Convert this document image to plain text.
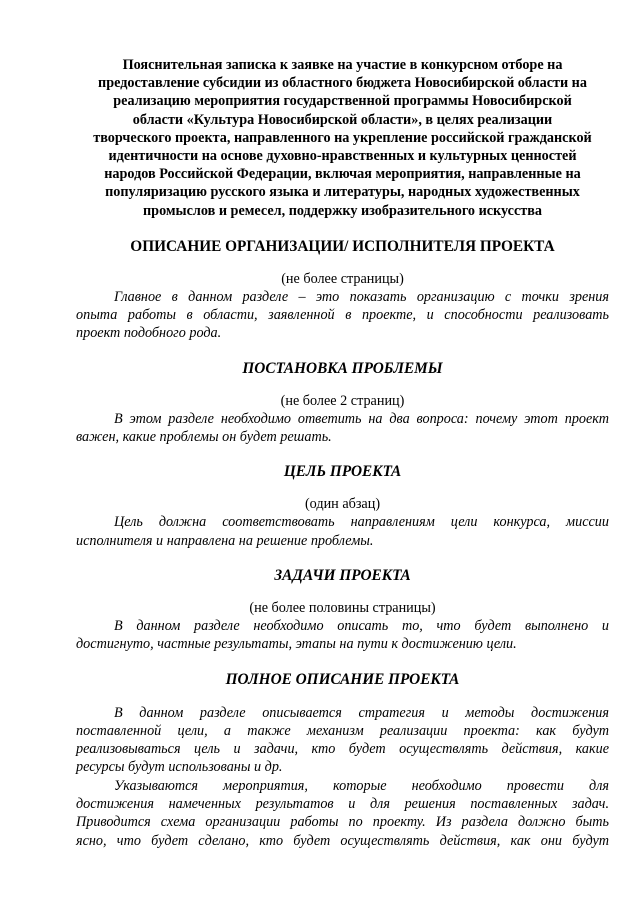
Пояснительная записка к заявке на участие в конкурсном отборе на
предоставление субсидии из областного бюджета Новосибирской области на
реализацию мероприятия государственной программы Новосибирской
области «Культура Новосибирской области», в целях реализации
творческого проекта, направленного на укрепление российской гражданской
идентичности на основе духовно-нравственных и культурных ценностей
народов Российской Федерации, включая мероприятия, направленные на
популяризацию русского языка и литературы, народных художественных
промыслов и ремесел, поддержку изобразительного искусства
ОПИСАНИЕ ОРГАНИЗАЦИИ/ ИСПОЛНИТЕЛЯ ПРОЕКТА

(не более страницы)

Главное в данном разделе – это показать организацию с точки зрения
опыта работы в области, заявленной в проекте, и способности реализовать
проект подобного рода.

ПОСТАНОВКА ПРОБЛЕМЫ

(не более 2 страниц)

В этом разделе необходимо ответить на два вопроса: почему этот проект
важен, какие проблемы он будет решать.

ЦЕЛЬ ПРОЕКТА

(один абзац)

Цель должна соответствовать направлениям цели конкурса, миссии
исполнителя и направлена на решение проблемы.

ЗАДАЧИ ПРОЕКТА

(не более половины страницы)

В данном разделе необходимо описать то, что будет выполнено и
достигнуто, частные результаты, этапы на пути к достижению цели.

ПОЛНОЕ ОПИСАНИЕ ПРОЕКТА

В данном разделе описывается стратегия и методы достижения
поставленной цели, а также механизм реализации проекта: как будут
реализовываться цель и задачи, кто будет осуществлять действия, какие
ресурсы будут использованы и др.

Указываются мероприятия, которые необходимо провести для
достижения намеченных результатов и для решения поставленных задач.
Приводится схема организации работы по проекту. Из раздела должно быть
ясно, что будет сделано, кто будет осуществлять действия, как они будут
